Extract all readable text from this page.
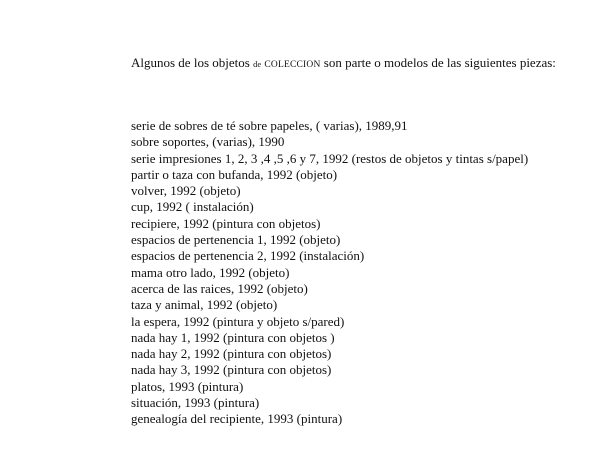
Algunos de los objetos de COLECCION son parte o modelos de las siguientes piezas:

serie de sobres de té sobre papeles, ( varias), 1989,91
sobre soportes, (varias), 1990
serie impresiones 1, 2, 3 ,4 ,5 ,6 y 7, 1992 (restos de objetos y tintas s/papel)
partir o taza con bufanda, 1992 (objeto)
volver, 1992 (objeto)
cup, 1992 ( instalación)
recipiere, 1992 (pintura con objetos)
espacios de pertenencia 1, 1992 (objeto)
espacios de pertenencia 2, 1992 (instalación)
mama otro lado, 1992 (objeto)
acerca de las raices, 1992 (objeto)
taza y animal, 1992 (objeto)
la espera, 1992 (pintura y objeto s/pared)
nada hay 1, 1992 (pintura con objetos )
nada hay 2, 1992 (pintura con objetos)
nada hay 3, 1992 (pintura con objetos)
platos, 1993 (pintura)
situación, 1993 (pintura)
genealogía del recipiente, 1993 (pintura)
